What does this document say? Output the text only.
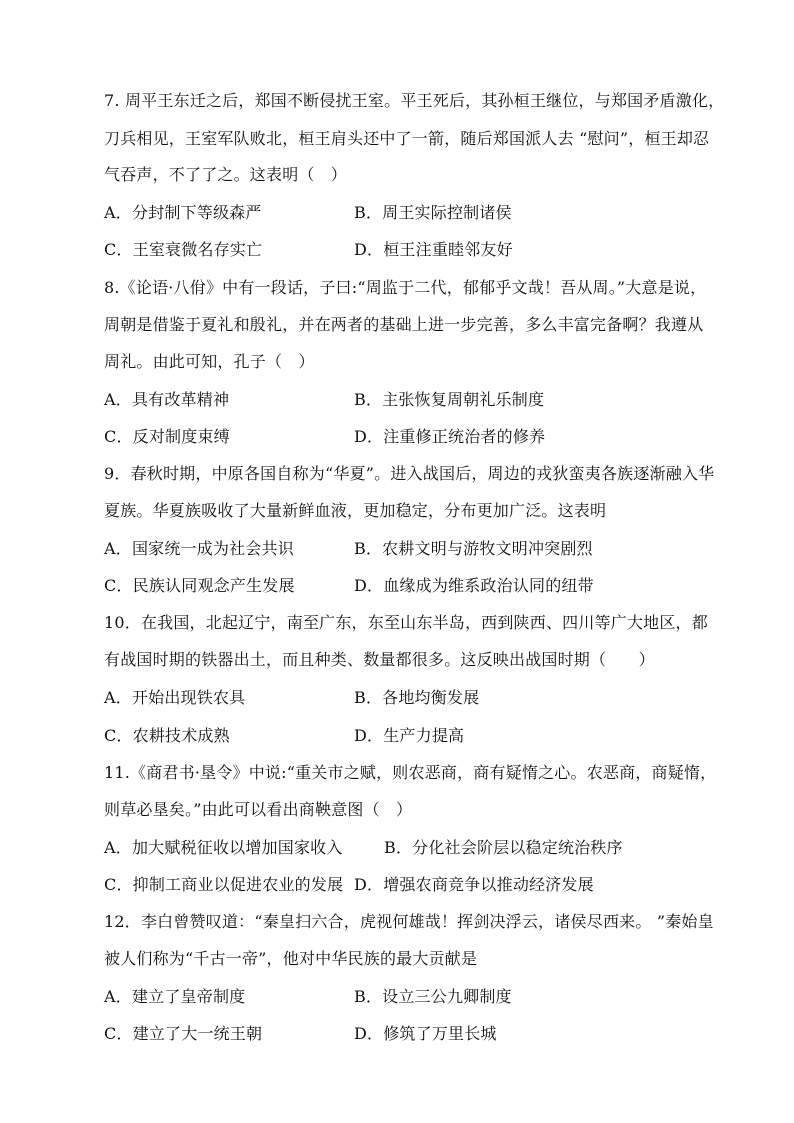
7. 周平王东迁之后，郑国不断侵扰王室。平王死后，其孙桓王继位，与郑国矛盾激化，
刀兵相见，王室军队败北，桓王肩头还中了一箭，随后郑国派人去 “慰问”，桓王却忍
气吞声，不了了之。这表明（　）
A．分封制下等级森严	B．周王实际控制诸侯
C．王室衰微名存实亡	D．桓王注重睦邻友好
8.《论语·八佾》中有一段话，子曰:“周监于二代，郁郁乎文哉！吾从周。”大意是说，
周朝是借鉴于夏礼和殷礼，并在两者的基础上进一步完善，多么丰富完备啊？我遵从
周礼。由此可知，孔子（　）
A．具有改革精神	B．主张恢复周朝礼乐制度
C．反对制度束缚	D．注重修正统治者的修养
9．春秋时期，中原各国自称为“华夏”。进入战国后，周边的戎狄蛮夷各族逐渐融入华
夏族。华夏族吸收了大量新鲜血液，更加稳定，分布更加广泛。这表明
A．国家统一成为社会共识	B．农耕文明与游牧文明冲突剧烈
C．民族认同观念产生发展	D．血缘成为维系政治认同的纽带
10．在我国，北起辽宁，南至广东，东至山东半岛，西到陕西、四川等广大地区，都
有战国时期的铁器出土，而且种类、数量都很多。这反映出战国时期（　　）
A．开始出现铁农具	B．各地均衡发展
C．农耕技术成熟	D．生产力提高
11.《商君书·垦令》中说:“重关市之赋，则农恶商，商有疑惰之心。农恶商，商疑惰，
则草必垦矣。”由此可以看出商鞅意图（　）
A．加大赋税征收以增加国家收入	B．分化社会阶层以稳定统治秩序
C．抑制工商业以促进农业的发展 D．增强农商竞争以推动经济发展
12．李白曾赞叹道：“秦皇扫六合，虎视何雄哉！挥剑决浮云，诸侯尽西来。 ”秦始皇
被人们称为“千古一帝”，他对中华民族的最大贡献是
A．建立了皇帝制度	B．设立三公九卿制度
C．建立了大一统王朝	D．修筑了万里长城
